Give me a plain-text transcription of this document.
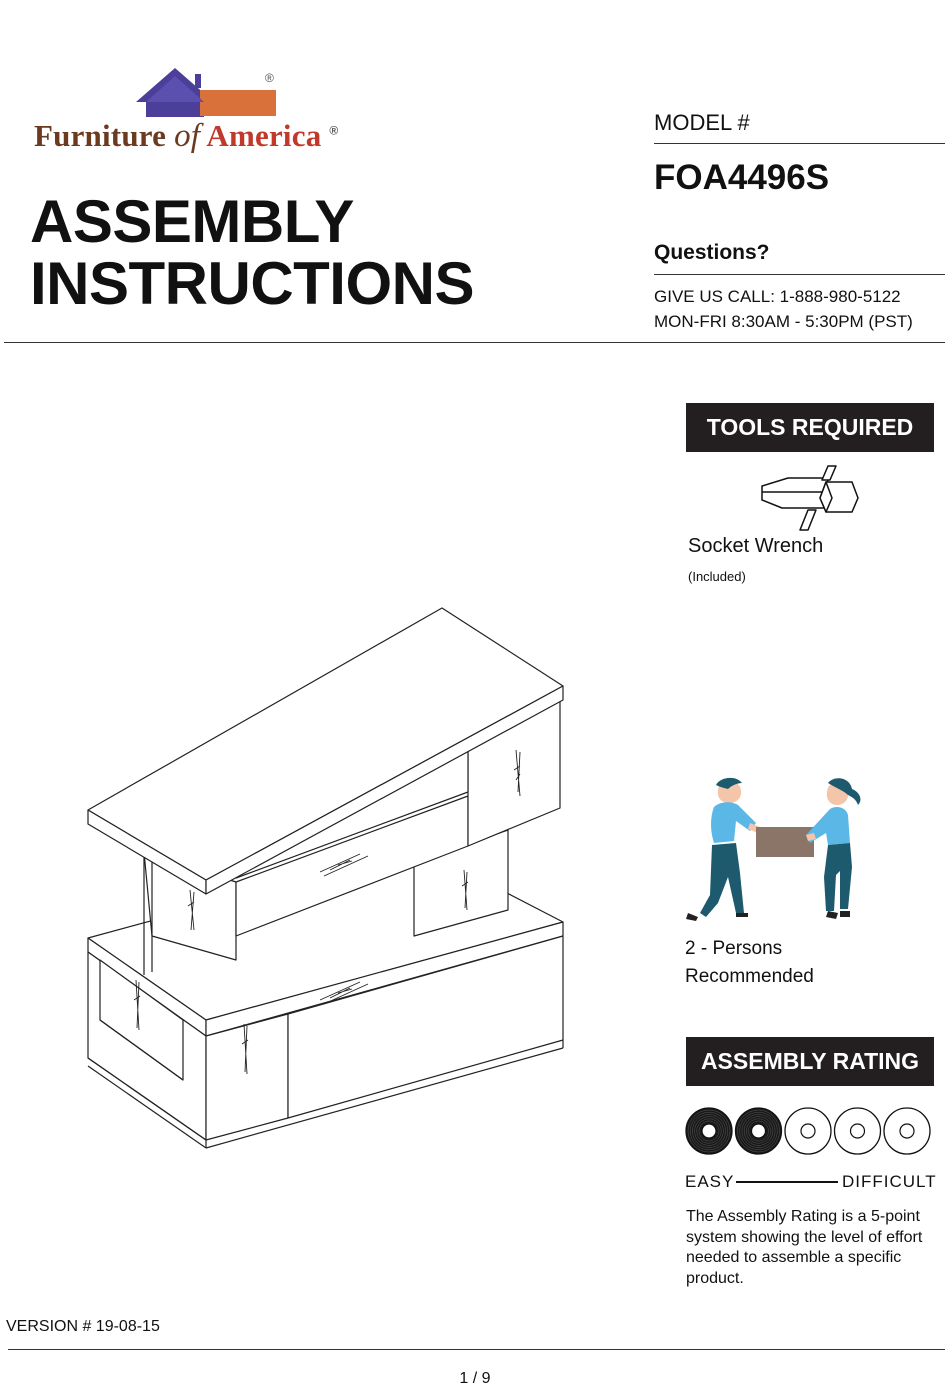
®
Furniture of America ®
ASSEMBLY
INSTRUCTIONS
MODEL #
FOA4496S
Questions?
GIVE US CALL: 1-888-980-5122
MON-FRI 8:30AM - 5:30PM (PST)
TOOLS REQUIRED
Socket Wrench
(Included)
2 - Persons
Recommended
ASSEMBLY RATING
EASY	DIFFICULT
The Assembly Rating is a 5-point system showing the level of effort needed to assemble a specific product.
VERSION # 19-08-15
1 / 9
